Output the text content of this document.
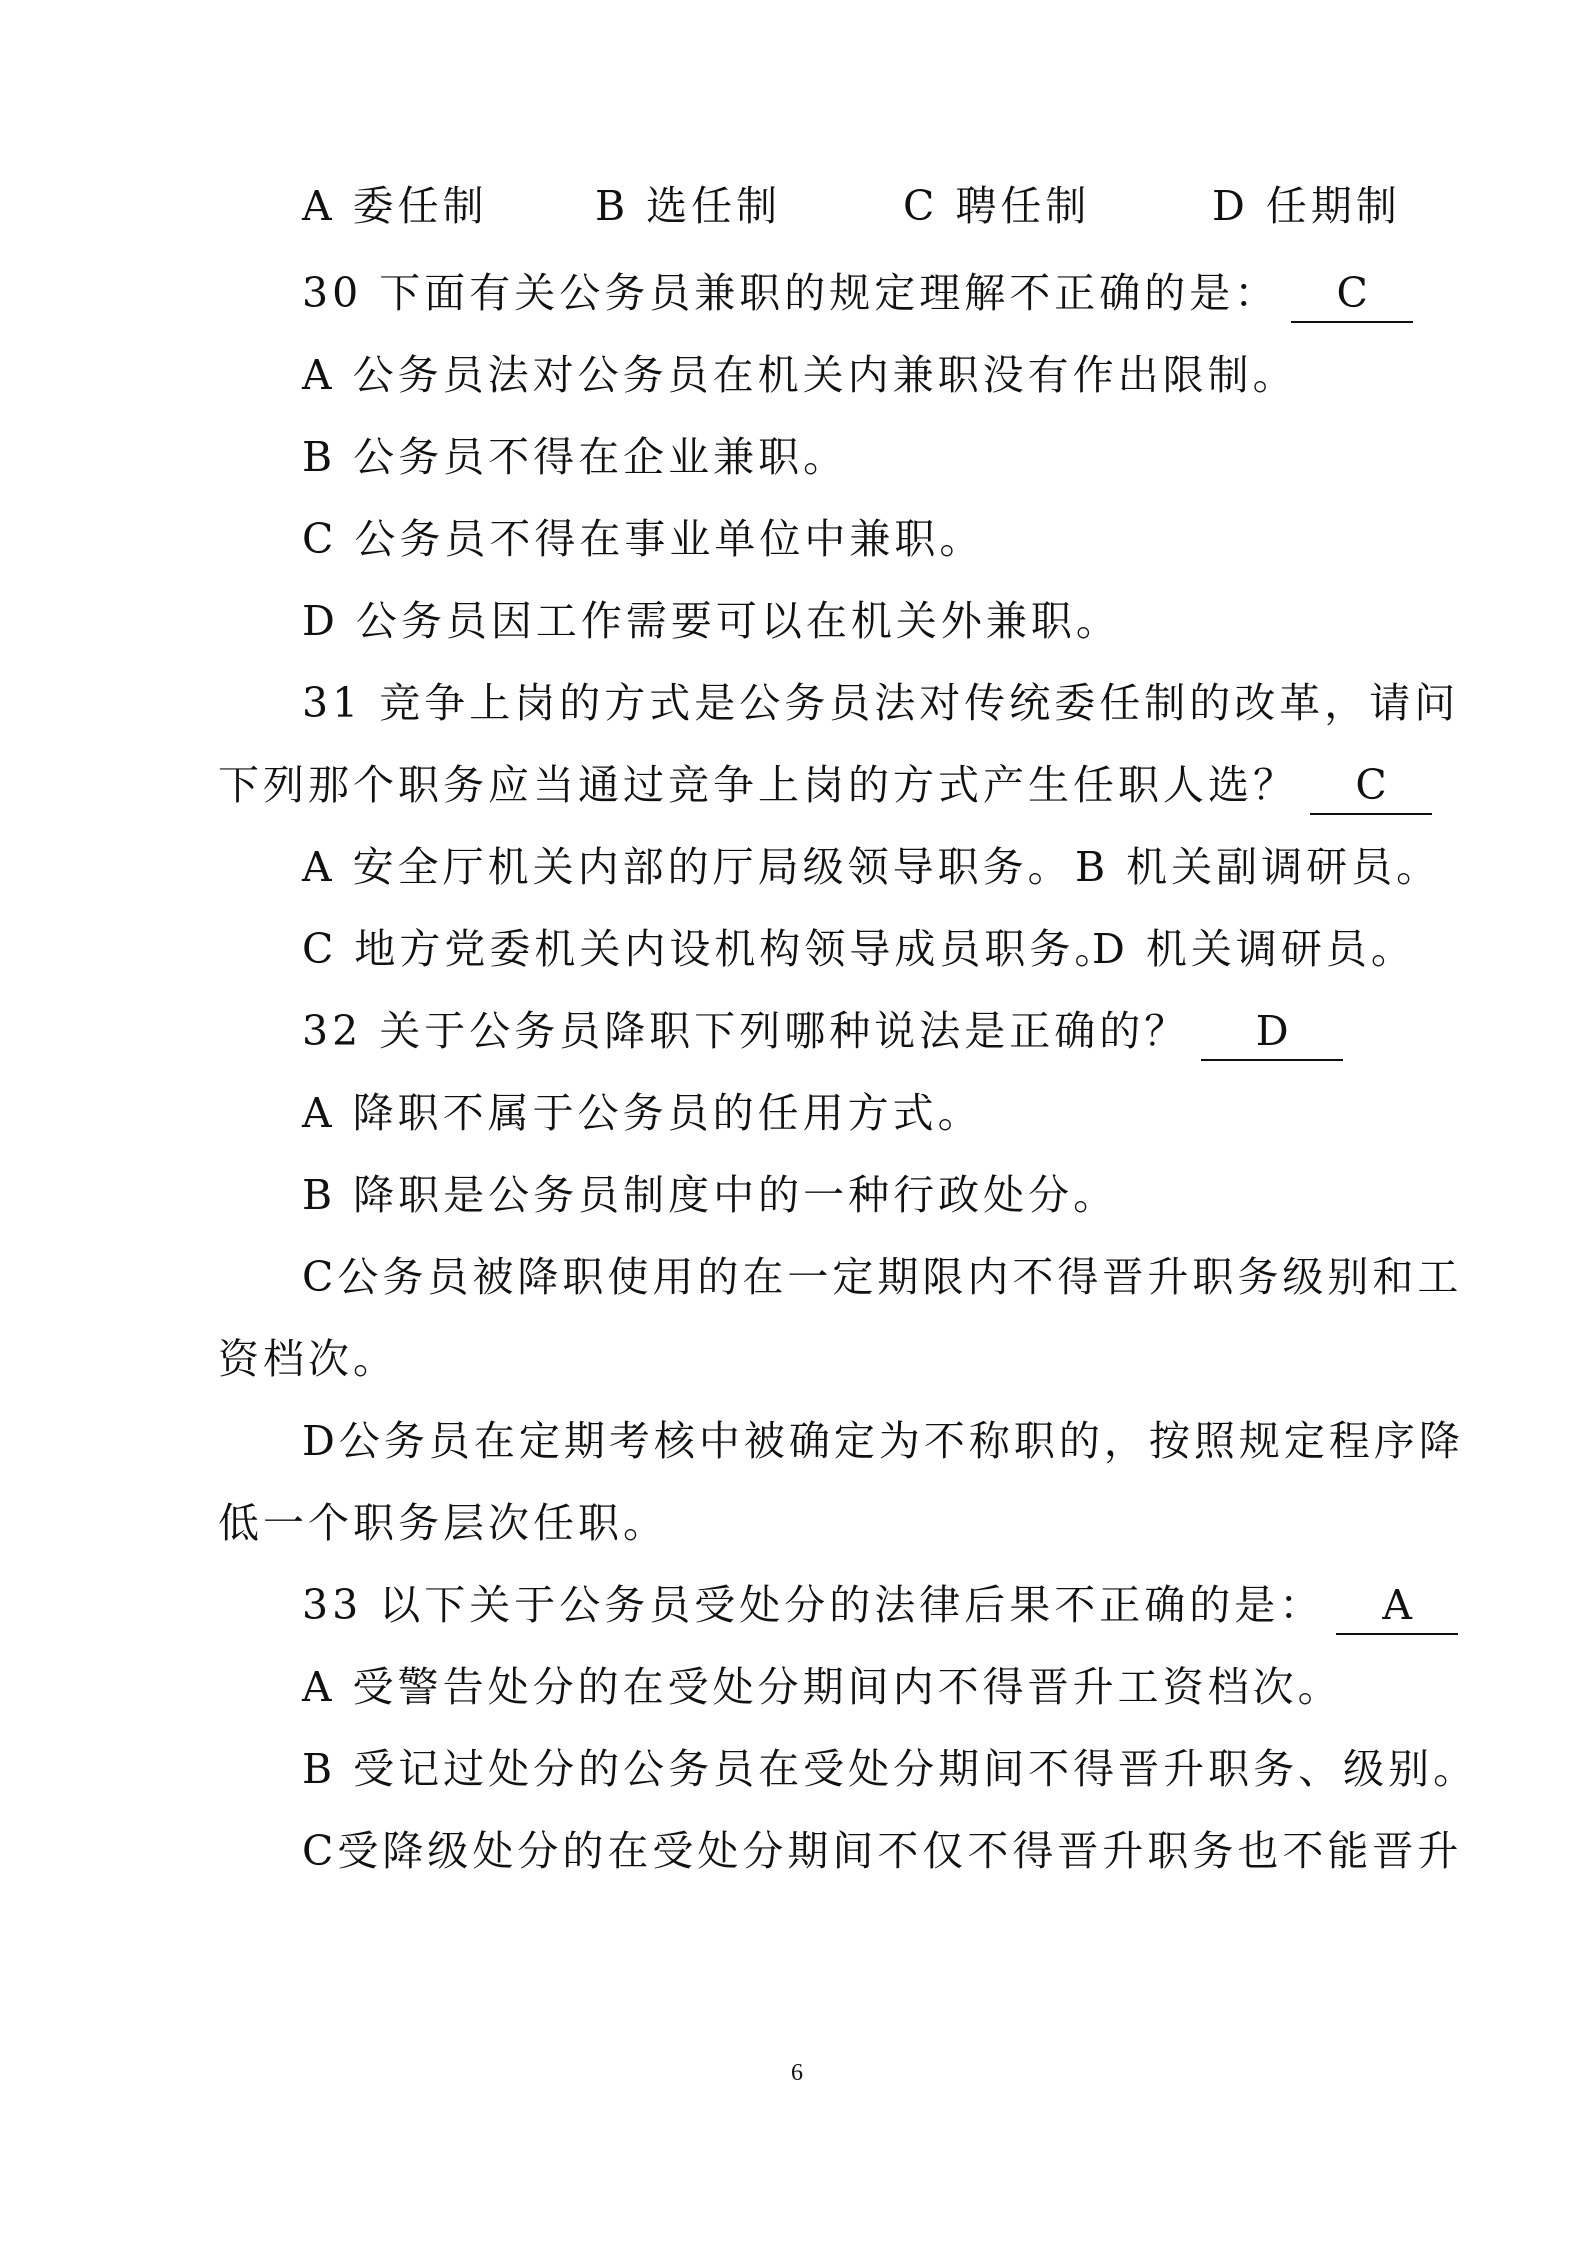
A 委任制	B 选任制	C 聘任制	D 任期制
30 下面有关公务员兼职的规定理解不正确的是： C
A 公务员法对公务员在机关内兼职没有作出限制。
B 公务员不得在企业兼职。
C 公务员不得在事业单位中兼职。
D 公务员因工作需要可以在机关外兼职。
31 竞争上岗的方式是公务员法对传统委任制的改革，请问
下列那个职务应当通过竞争上岗的方式产生任职人选？ C
A 安全厅机关内部的厅局级领导职务。 B 机关副调研员。
C 地方党委机关内设机构领导成员职务。
D 机关调研员。
32 关于公务员降职下列哪种说法是正确的？ D
A 降职不属于公务员的任用方式。
B 降职是公务员制度中的一种行政处分。
C公务员被降职使用的在一定期限内不得晋升职务级别和工
资档次。
D公务员在定期考核中被确定为不称职的，按照规定程序降
低一个职务层次任职。
33 以下关于公务员受处分的法律后果不正确的是： A
A 受警告处分的在受处分期间内不得晋升工资档次。
B 受记过处分的公务员在受处分期间不得晋升职务、级别。
C受降级处分的在受处分期间不仅不得晋升职务也不能晋升
6
